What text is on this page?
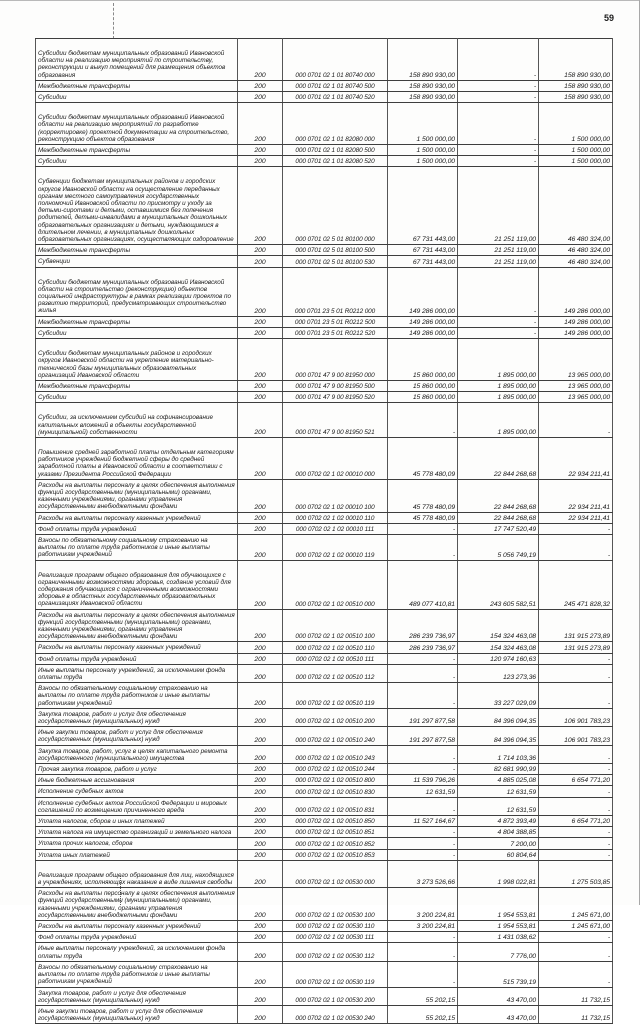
59
Субсидии бюджетам муниципальных образований Ивановской области на реализацию мероприятий по строительству, реконструкции и выкуп помещений для размещения объектов образования	200	000 0701 02 1 01 80740 000	158 890 930,00	-	158 890 930,00
Межбюджетные трансферты	200	000 0701 02 1 01 80740 500	158 890 930,00	-	158 890 930,00
Субсидии	200	000 0701 02 1 01 80740 520	158 890 930,00	-	158 890 930,00
Субсидии бюджетам муниципальных образований Ивановской области на реализацию мероприятий по разработке (корректировке) проектной документации на строительство, реконструкцию объектов образования	200	000 0701 02 1 01 82080 000	1 500 000,00	-	1 500 000,00
Межбюджетные трансферты	200	000 0701 02 1 01 82080 500	1 500 000,00	-	1 500 000,00
Субсидии	200	000 0701 02 1 01 82080 520	1 500 000,00	-	1 500 000,00
Субвенции бюджетам муниципальных районов и городских округов Ивановской области на осуществление переданных органам местного самоуправления государственных полномочий Ивановской области по присмотру и уходу за детьми-сиротами и детьми, оставшимися без попечения родителей, детьми-инвалидами в муниципальных дошкольных образовательных организациях и детьми, нуждающимися в длительном лечении, в муниципальных дошкольных образовательных организациях, осуществляющих оздоровление	200	000 0701 02 5 01 80100 000	67 731 443,00	21 251 119,00	46 480 324,00
Межбюджетные трансферты	200	000 0701 02 5 01 80100 500	67 731 443,00	21 251 119,00	46 480 324,00
Субвенции	200	000 0701 02 5 01 80100 530	67 731 443,00	21 251 119,00	46 480 324,00
Субсидии бюджетам муниципальных образований Ивановской области на строительство (реконструкцию) объектов социальной инфраструктуры в рамках реализации проектов по развитию территорий, предусматривающих строительство жилья	200	000 0701 23 5 01 R0212 000	149 286 000,00	-	149 286 000,00
Межбюджетные трансферты	200	000 0701 23 5 01 R0212 500	149 286 000,00	-	149 286 000,00
Субсидии	200	000 0701 23 5 01 R0212 520	149 286 000,00	-	149 286 000,00
Субсидии бюджетам муниципальных районов и городских округов Ивановской области на укрепление материально-технической базы муниципальных образовательных организаций Ивановской области	200	000 0701 47 9 00 81950 000	15 860 000,00	1 895 000,00	13 965 000,00
Межбюджетные трансферты	200	000 0701 47 9 00 81950 500	15 860 000,00	1 895 000,00	13 965 000,00
Субсидии	200	000 0701 47 9 00 81950 520	15 860 000,00	1 895 000,00	13 965 000,00
Субсидии, за исключением субсидий на софинансирование капитальных вложений в объекты государственной (муниципальной) собственности	200	000 0701 47 9 00 81950 521	-	1 895 000,00	-
Повышение средней заработной платы отдельным категориям работников учреждений бюджетной сферы до средней заработной платы в Ивановской области в соответствии с указами Президента Российской Федерации	200	000 0702 02 1 02 00010 000	45 778 480,09	22 844 268,68	22 934 211,41
Расходы на выплаты персоналу в целях обеспечения выполнения функций государственными (муниципальными) органами, казенными учреждениями, органами управления государственными внебюджетными фондами	200	000 0702 02 1 02 00010 100	45 778 480,09	22 844 268,68	22 934 211,41
Расходы на выплаты персоналу казенных учреждений	200	000 0702 02 1 02 00010 110	45 778 480,09	22 844 268,68	22 934 211,41
Фонд оплаты труда учреждений	200	000 0702 02 1 02 00010 111	-	17 747 520,49	-
Взносы по обязательному социальному страхованию на выплаты по оплате труда работников и иные выплаты работникам учреждений	200	000 0702 02 1 02 00010 119	-	5 056 749,19	-
Реализация программ общего образования для обучающихся с ограниченными возможностями здоровья, создание условий для содержания обучающихся с ограниченными возможностями здоровья в областных государственных образовательных организациях Ивановской области	200	000 0702 02 1 02 00510 000	489 077 410,81	243 605 582,51	245 471 828,32
Расходы на выплаты персоналу в целях обеспечения выполнения функций государственными (муниципальными) органами, казенными учреждениями, органами управления государственными внебюджетными фондами	200	000 0702 02 1 02 00510 100	286 239 736,97	154 324 463,08	131 915 273,89
Расходы на выплаты персоналу казенных учреждений	200	000 0702 02 1 02 00510 110	286 239 736,97	154 324 463,08	131 915 273,89
Фонд оплаты труда учреждений	200	000 0702 02 1 02 00510 111	-	120 974 160,63	-
Иные выплаты персоналу учреждений, за исключением фонда оплаты труда	200	000 0702 02 1 02 00510 112	-	123 273,36	-
Взносы по обязательному социальному страхованию на выплаты по оплате труда работников и иные выплаты работникам учреждений	200	000 0702 02 1 02 00510 119	-	33 227 029,09	-
Закупка товаров, работ и услуг для обеспечения государственных (муниципальных) нужд	200	000 0702 02 1 02 00510 200	191 297 877,58	84 396 094,35	106 901 783,23
Иные закупки товаров, работ и услуг для обеспечения государственных (муниципальных) нужд	200	000 0702 02 1 02 00510 240	191 297 877,58	84 396 094,35	106 901 783,23
Закупка товаров, работ, услуг в целях капитального ремонта государственного (муниципального) имущества	200	000 0702 02 1 02 00510 243	-	1 714 103,36	-
Прочая закупка товаров, работ и услуг	200	000 0702 02 1 02 00510 244	-	82 681 990,99	-
Иные бюджетные ассигнования	200	000 0702 02 1 02 00510 800	11 539 796,26	4 885 025,08	6 654 771,20
Исполнение судебных актов	200	000 0702 02 1 02 00510 830	12 631,59	12 631,59	-
Исполнение судебных актов Российской Федерации и мировых соглашений по возмещению причиненного вреда	200	000 0702 02 1 02 00510 831	-	12 631,59	-
Уплата налогов, сборов и иных платежей	200	000 0702 02 1 02 00510 850	11 527 164,67	4 872 393,49	6 654 771,20
Уплата налога на имущество организаций и земельного налога	200	000 0702 02 1 02 00510 851	-	4 804 388,85	-
Уплата прочих налогов, сборов	200	000 0702 02 1 02 00510 852	-	7 200,00	-
Уплата иных платежей	200	000 0702 02 1 02 00510 853	-	60 804,64	-
Реализация программ общего образования для лиц, находящихся в учреждениях, исполняющих наказание в виде лишения свободы	200	000 0702 02 1 02 00530 000	3 273 526,66	1 998 022,81	1 275 503,85
Расходы на выплаты персоналу в целях обеспечения выполнения функций государственными (муниципальными) органами, казенными учреждениями, органами управления государственными внебюджетными фондами	200	000 0702 02 1 02 00530 100	3 200 224,81	1 954 553,81	1 245 671,00
Расходы на выплаты персоналу казенных учреждений	200	000 0702 02 1 02 00530 110	3 200 224,81	1 954 553,81	1 245 671,00
Фонд оплаты труда учреждений	200	000 0702 02 1 02 00530 111	-	1 431 038,62	-
Иные выплаты персоналу учреждений, за исключением фонда оплаты труда	200	000 0702 02 1 02 00530 112	-	7 776,00	-
Взносы по обязательному социальному страхованию на выплаты по оплате труда работников и иные выплаты работникам учреждений	200	000 0702 02 1 02 00530 119	-	515 739,19	-
Закупка товаров, работ и услуг для обеспечения государственных (муниципальных) нужд	200	000 0702 02 1 02 00530 200	55 202,15	43 470,00	11 732,15
Иные закупки товаров, работ и услуг для обеспечения государственных (муниципальных) нужд	200	000 0702 02 1 02 00530 240	55 202,15	43 470,00	11 732,15
